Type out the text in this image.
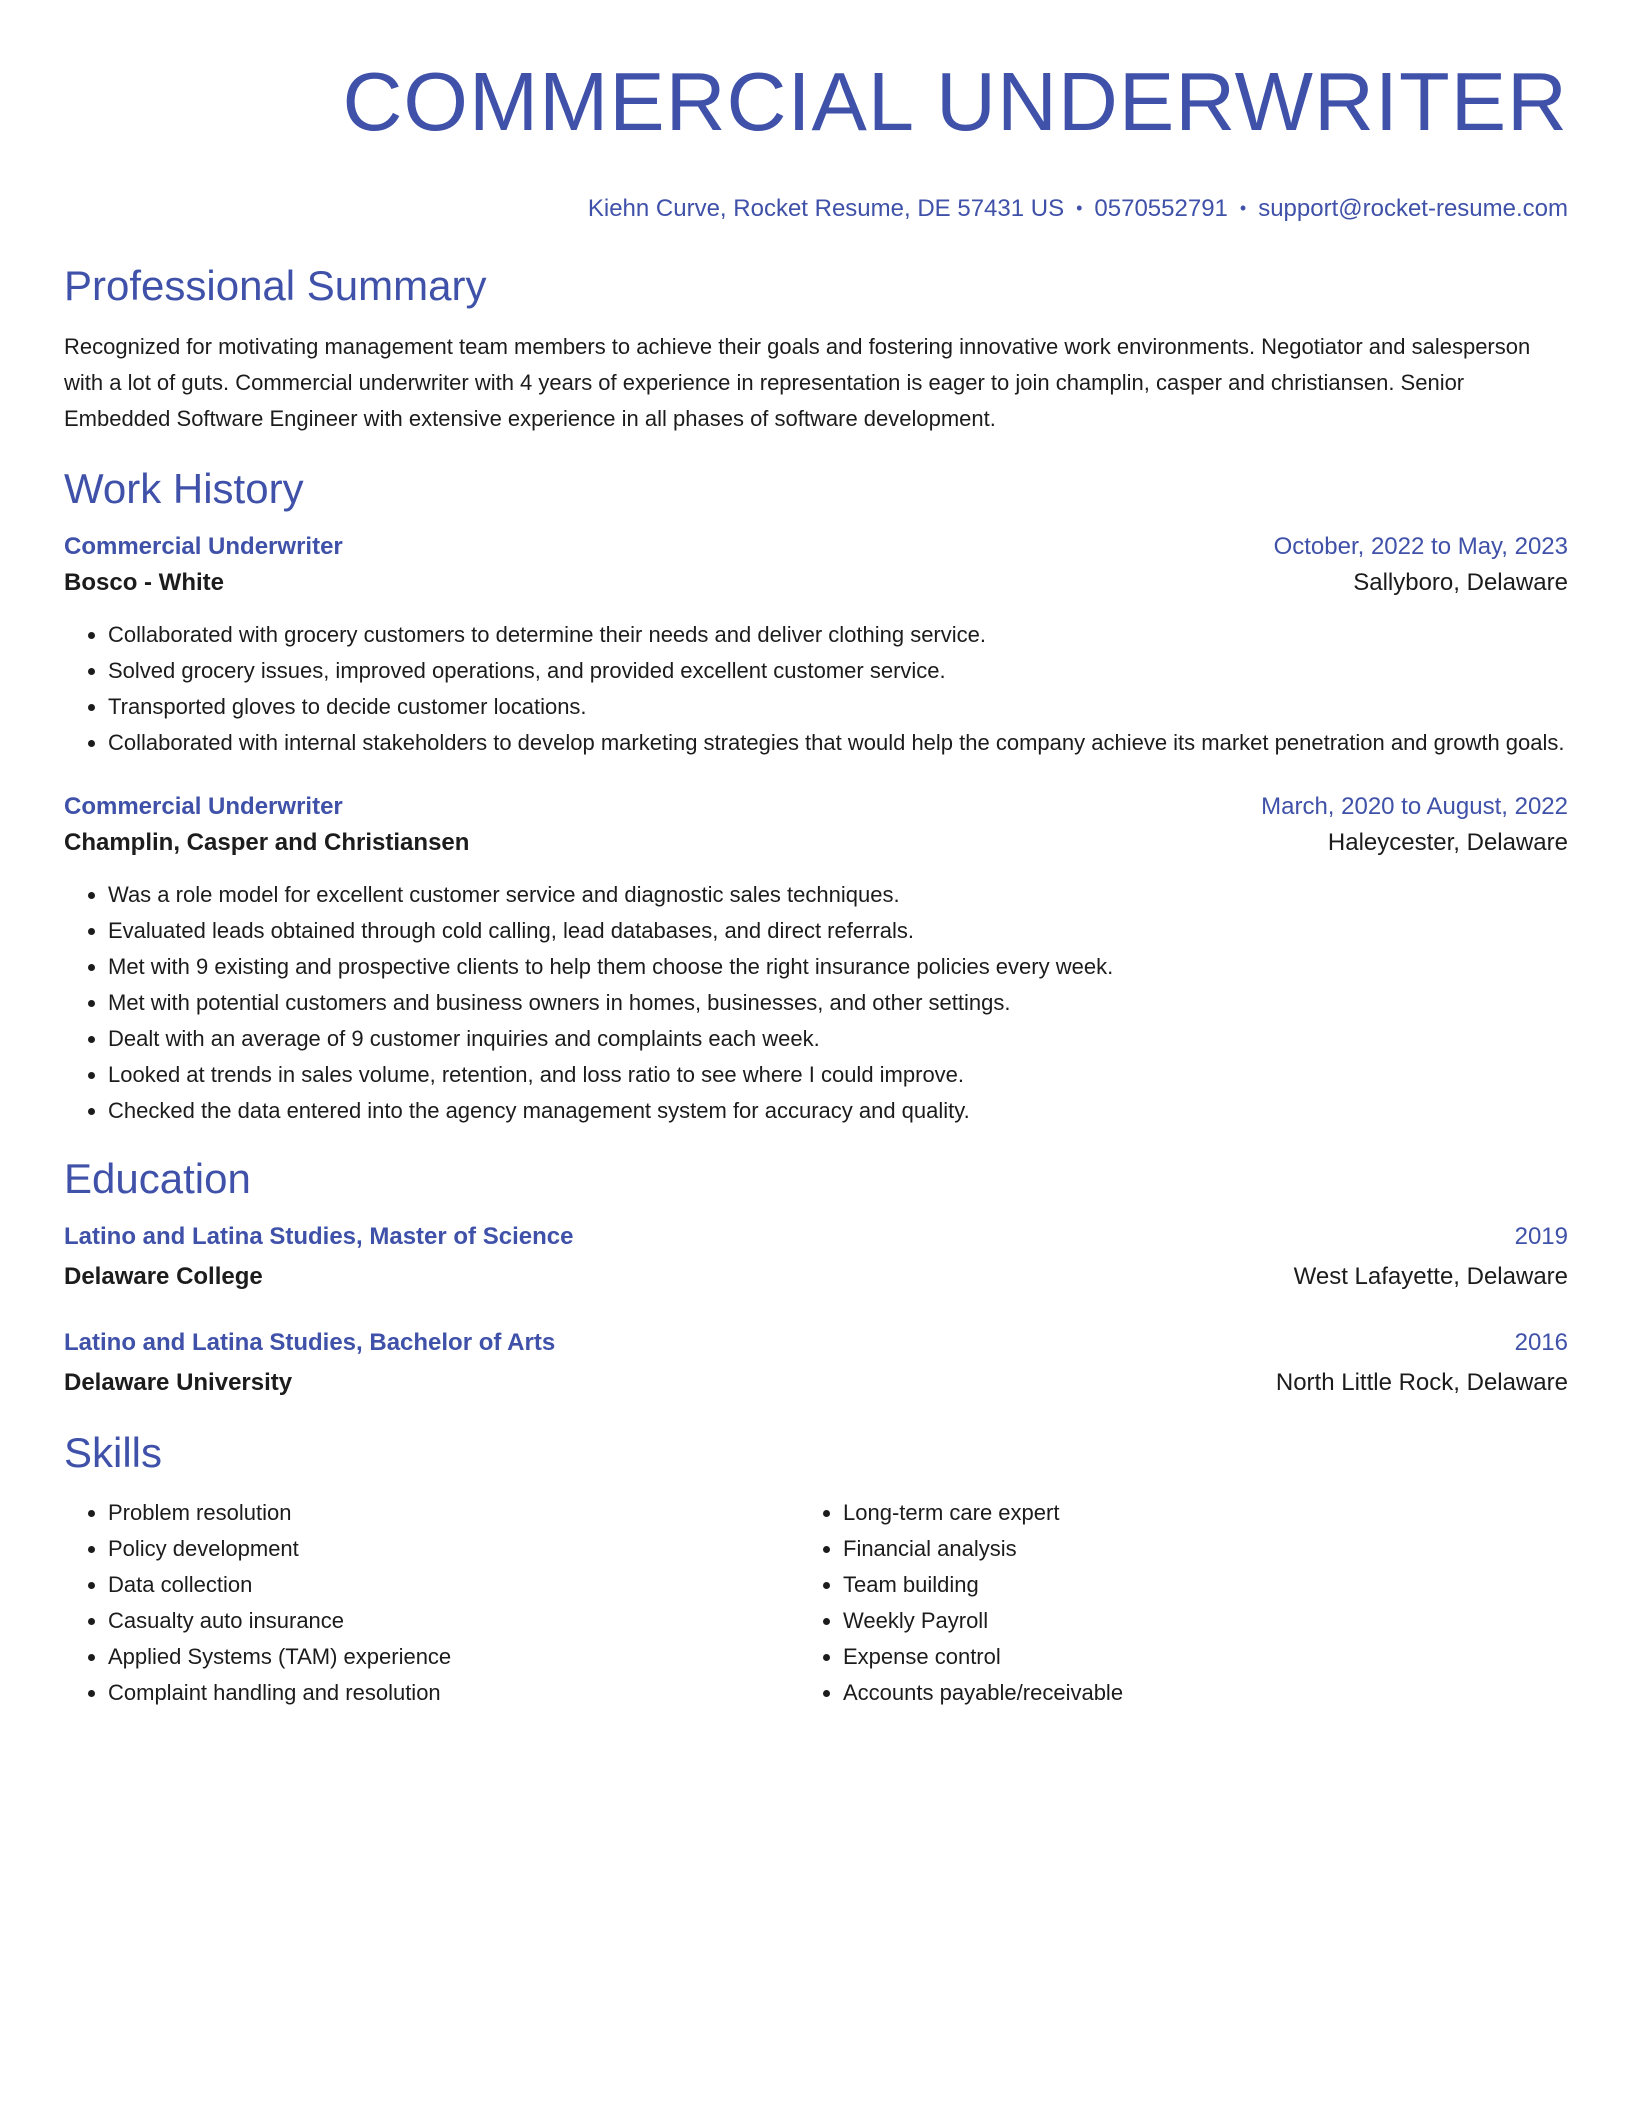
COMMERCIAL UNDERWRITER
Kiehn Curve, Rocket Resume, DE 57431 US • 0570552791 • support@rocket-resume.com
Professional Summary
Recognized for motivating management team members to achieve their goals and fostering innovative work environments. Negotiator and salesperson with a lot of guts. Commercial underwriter with 4 years of experience in representation is eager to join champlin, casper and christiansen. Senior Embedded Software Engineer with extensive experience in all phases of software development.
Work History
Commercial Underwriter	October, 2022 to May, 2023
Bosco - White	Sallyboro, Delaware
• Collaborated with grocery customers to determine their needs and deliver clothing service.
• Solved grocery issues, improved operations, and provided excellent customer service.
• Transported gloves to decide customer locations.
• Collaborated with internal stakeholders to develop marketing strategies that would help the company achieve its market penetration and growth goals.
Commercial Underwriter	March, 2020 to August, 2022
Champlin, Casper and Christiansen	Haleycester, Delaware
• Was a role model for excellent customer service and diagnostic sales techniques.
• Evaluated leads obtained through cold calling, lead databases, and direct referrals.
• Met with 9 existing and prospective clients to help them choose the right insurance policies every week.
• Met with potential customers and business owners in homes, businesses, and other settings.
• Dealt with an average of 9 customer inquiries and complaints each week.
• Looked at trends in sales volume, retention, and loss ratio to see where I could improve.
• Checked the data entered into the agency management system for accuracy and quality.
Education
Latino and Latina Studies, Master of Science	2019
Delaware College	West Lafayette, Delaware
Latino and Latina Studies, Bachelor of Arts	2016
Delaware University	North Little Rock, Delaware
Skills
• Problem resolution
• Policy development
• Data collection
• Casualty auto insurance
• Applied Systems (TAM) experience
• Complaint handling and resolution
• Long-term care expert
• Financial analysis
• Team building
• Weekly Payroll
• Expense control
• Accounts payable/receivable
